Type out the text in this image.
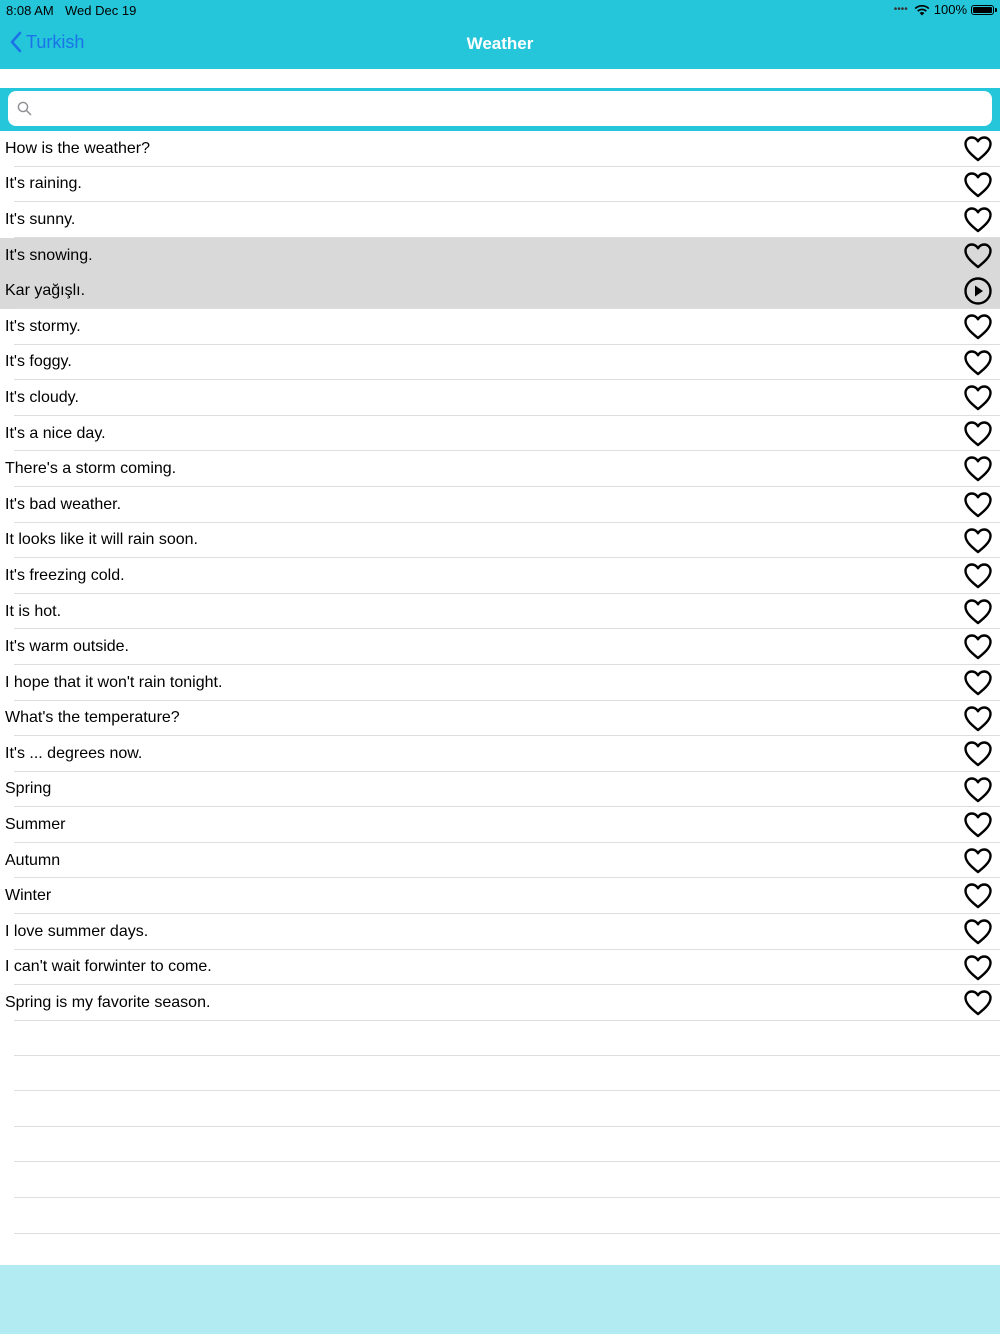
8:08 AM Wed Dec 19	•••• 100%
Turkish	Weather
How is the weather?
It's raining.
It's sunny.
It's snowing.
Kar yağışlı.
It's stormy.
It's foggy.
It's cloudy.
It's a nice day.
There's a storm coming.
It's bad weather.
It looks like it will rain soon.
It's freezing cold.
It is hot.
It's warm outside.
I hope that it won't rain tonight.
What's the temperature?
It's ... degrees now.
Spring
Summer
Autumn
Winter
I love summer days.
I can't wait forwinter to come.
Spring is my favorite season.
